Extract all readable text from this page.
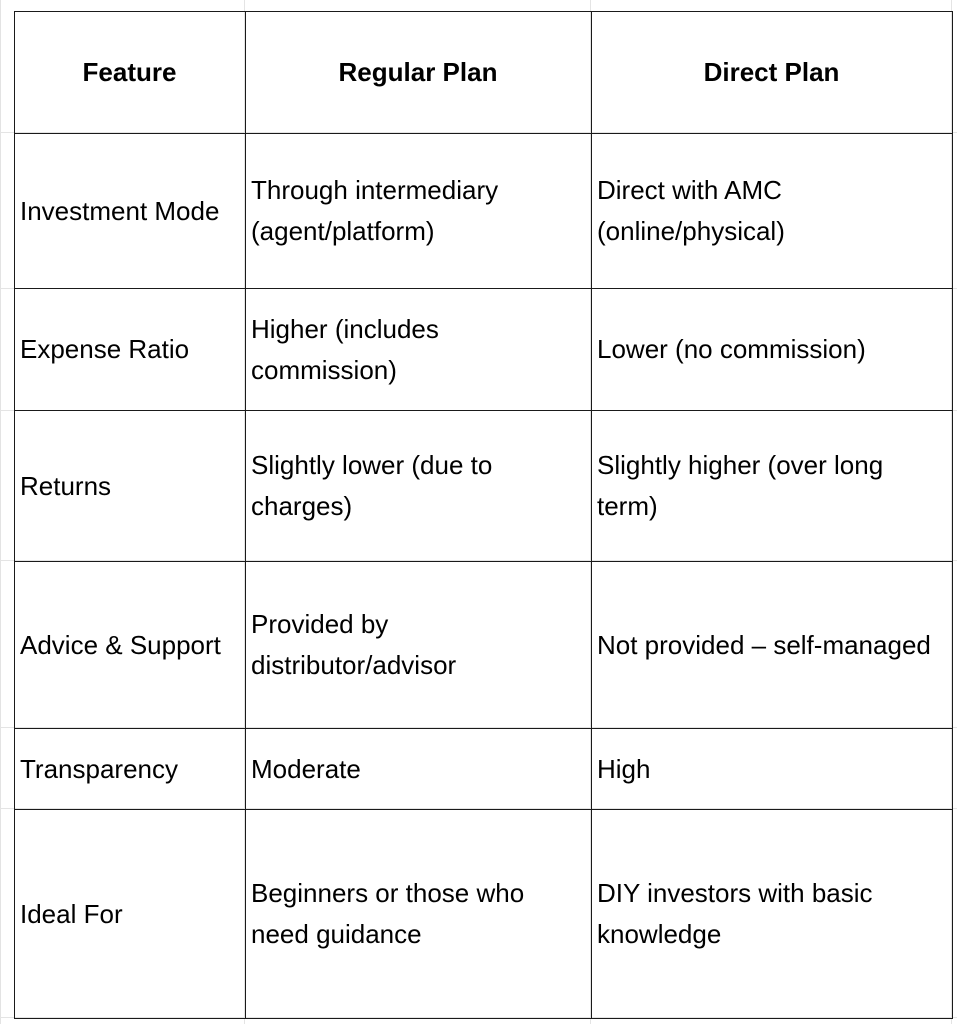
Feature	Regular Plan	Direct Plan
Investment Mode	Through intermediary (agent/platform)	Direct with AMC (online/physical)
Expense Ratio	Higher (includes commission)	Lower (no commission)
Returns	Slightly lower (due to charges)	Slightly higher (over long term)
Advice & Support	Provided by distributor/advisor	Not provided – self-managed
Transparency	Moderate	High
Ideal For	Beginners or those who need guidance	DIY investors with basic knowledge
